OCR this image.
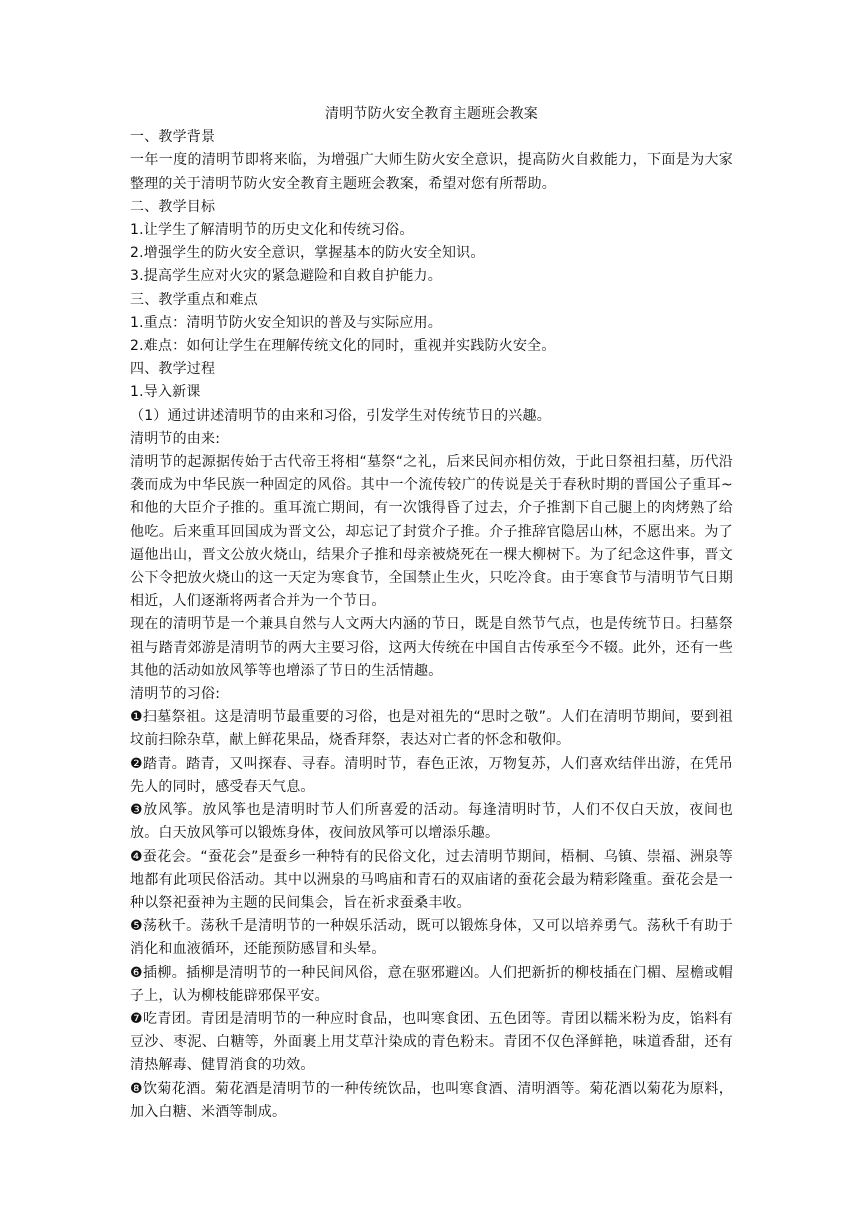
清明节防火安全教育主题班会教案

一、教学背景

一年一度的清明节即将来临，为增强广大师生防火安全意识，提高防火自救能力，下面是为大家整理的关于清明节防火安全教育主题班会教案，希望对您有所帮助。

二、教学目标

1.让学生了解清明节的历史文化和传统习俗。

2.增强学生的防火安全意识，掌握基本的防火安全知识。

3.提高学生应对火灾的紧急避险和自救自护能力。

三、教学重点和难点

1.重点：清明节防火安全知识的普及与实际应用。

2.难点：如何让学生在理解传统文化的同时，重视并实践防火安全。

四、教学过程

1.导入新课

（1）通过讲述清明节的由来和习俗，引发学生对传统节日的兴趣。

清明节的由来:

清明节的起源据传始于古代帝王将相“墓祭“之礼，后来民间亦相仿效，于此日祭祖扫墓，历代沿袭而成为中华民族一种固定的风俗。其中一个流传较广的传说是关于春秋时期的晋国公子重耳~和他的大臣介子推的。重耳流亡期间，有一次饿得昏了过去，介子推割下自己腿上的肉烤熟了给他吃。后来重耳回国成为晋文公，却忘记了封赏介子推。介子推辞官隐居山林，不愿出来。为了逼他出山，晋文公放火烧山，结果介子推和母亲被烧死在一棵大柳树下。为了纪念这件事，晋文公下令把放火烧山的这一天定为寒食节，全国禁止生火，只吃冷食。由于寒食节与清明节气日期相近，人们逐渐将两者合并为一个节日。

现在的清明节是一个兼具自然与人文两大内涵的节日，既是自然节气点，也是传统节日。扫墓祭祖与踏青郊游是清明节的两大主要习俗，这两大传统在中国自古传承至今不辍。此外，还有一些其他的活动如放风筝等也增添了节日的生活情趣。

清明节的习俗:

❶扫墓祭祖。这是清明节最重要的习俗，也是对祖先的“思时之敬”。人们在清明节期间，要到祖坟前扫除杂草，献上鲜花果品，烧香拜祭，表达对亡者的怀念和敬仰。

❷踏青。踏青，又叫探春、寻春。清明时节，春色正浓，万物复苏，人们喜欢结伴出游，在凭吊先人的同时，感受春天气息。

❸放风筝。放风筝也是清明时节人们所喜爱的活动。每逢清明时节，人们不仅白天放，夜间也放。白天放风筝可以锻炼身体，夜间放风筝可以增添乐趣。

❹蚕花会。“蚕花会”是蚕乡一种特有的民俗文化，过去清明节期间，梧桐、乌镇、崇福、洲泉等地都有此项民俗活动。其中以洲泉的马鸣庙和青石的双庙诸的蚕花会最为精彩隆重。蚕花会是一种以祭祀蚕神为主题的民间集会，旨在祈求蚕桑丰收。

❺荡秋千。荡秋千是清明节的一种娱乐活动，既可以锻炼身体，又可以培养勇气。荡秋千有助于消化和血液循环，还能预防感冒和头晕。

❻插柳。插柳是清明节的一种民间风俗，意在驱邪避凶。人们把新折的柳枝插在门楣、屋檐或帽子上，认为柳枝能辟邪保平安。

❼吃青团。青团是清明节的一种应时食品，也叫寒食团、五色团等。青团以糯米粉为皮，馅料有豆沙、枣泥、白糖等，外面裹上用艾草汁染成的青色粉末。青团不仅色泽鲜艳，味道香甜，还有清热解毒、健胃消食的功效。

❽饮菊花酒。菊花酒是清明节的一种传统饮品，也叫寒食酒、清明酒等。菊花酒以菊花为原料，加入白糖、米酒等制成。
